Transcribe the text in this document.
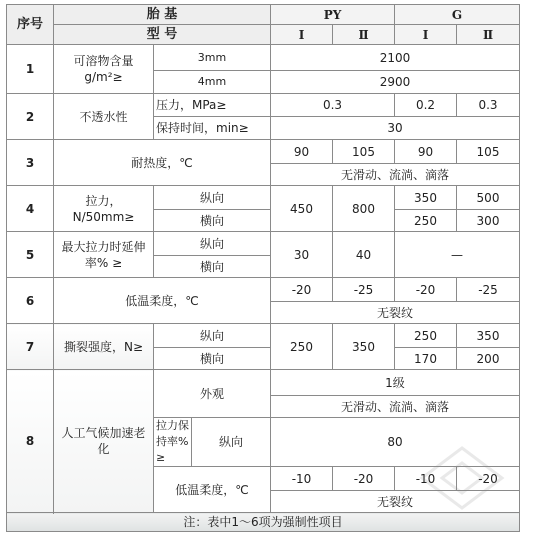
序号	胎 基			PY		G	
	型 号			I	Ⅱ	I	Ⅱ
1	可溶物含量g/m²≥	3mm		2100			
		4mm		2900			
2	不透水性	压力，MPa≥		0.3		0.2	0.3
		保持时间，min≥		30			
3	耐热度，℃			90	105	90	105
				无滑动、流淌、滴落			
4	拉力，N/50mm≥	纵向		450	800	350	500
		横向				250	300
5	最大拉力时延伸率% ≥	纵向		30	40	—	
		横向					
6	低温柔度，℃			-20	-25	-20	-25
				无裂纹			
7	撕裂强度，N≥	纵向		250	350	250	350
		横向				170	200
8	人工气候加速老化	外观		1级			
				无滑动、流淌、滴落			
		拉力保持率% ≥	纵向	80			
		低温柔度，℃		-10	-20	-10	-20
				无裂纹			

注：表中1～6项为强制性项目							
